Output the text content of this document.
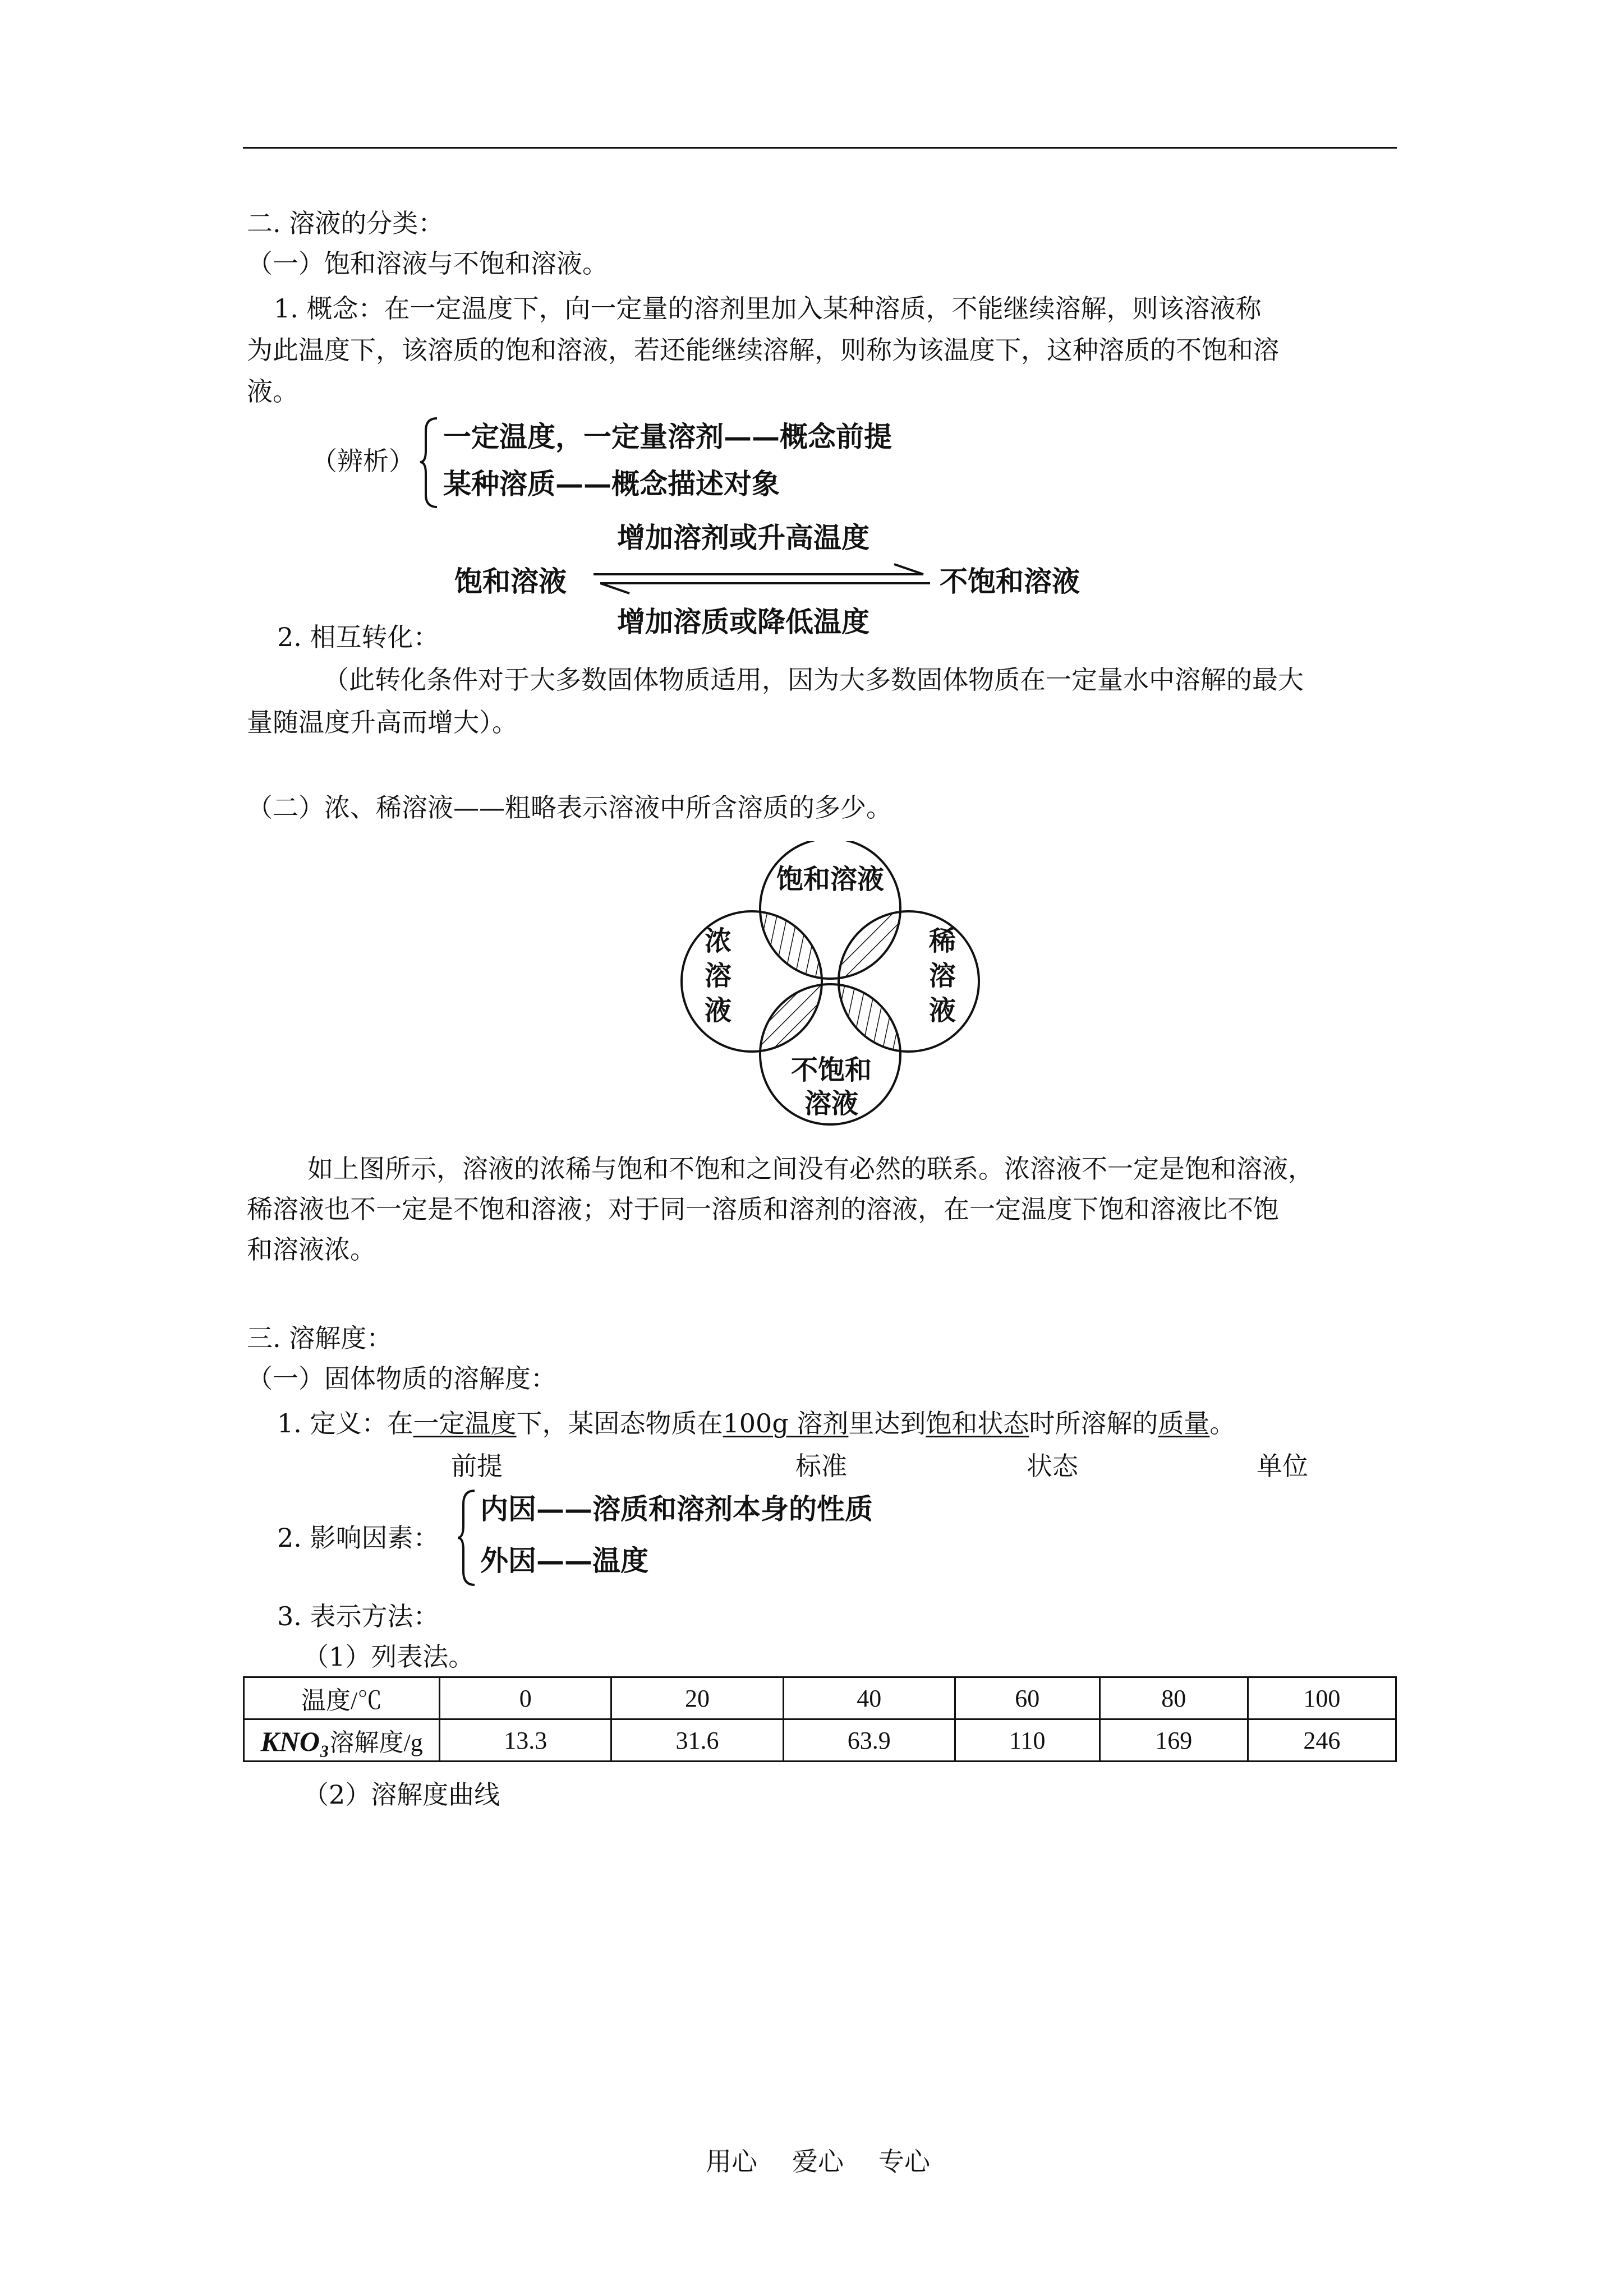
二. 溶液的分类：
（一）饱和溶液与不饱和溶液。
1. 概念：在一定温度下，向一定量的溶剂里加入某种溶质，不能继续溶解，则该溶液称
为此温度下，该溶质的饱和溶液，若还能继续溶解，则称为该温度下，这种溶质的不饱和溶
液。
（辨析）
一定温度，一定量溶剂——概念前提
某种溶质——概念描述对象
增加溶剂或升高温度
饱和溶液	不饱和溶液
增加溶质或降低温度
2. 相互转化：
（此转化条件对于大多数固体物质适用，因为大多数固体物质在一定量水中溶解的最大
量随温度升高而增大）。
（二）浓、稀溶液——粗略表示溶液中所含溶质的多少。
饱和溶液
浓
溶
液
稀
溶
液
不饱和
溶液
如上图所示，溶液的浓稀与饱和不饱和之间没有必然的联系。浓溶液不一定是饱和溶液，
稀溶液也不一定是不饱和溶液；对于同一溶质和溶剂的溶液，在一定温度下饱和溶液比不饱
和溶液浓。
三. 溶解度：
（一）固体物质的溶解度：
1. 定义：在一定温度下，某固态物质在100g 溶剂里达到饱和状态时所溶解的质量。
前提	标准	状态	单位
2. 影响因素：
内因——溶质和溶剂本身的性质
外因——温度
3. 表示方法：
（1）列表法。
温度/℃	0	20	40	60	80	100
KNO₃溶解度/g	13.3	31.6	63.9	110	169	246
（2）溶解度曲线
用心 爱心 专心
